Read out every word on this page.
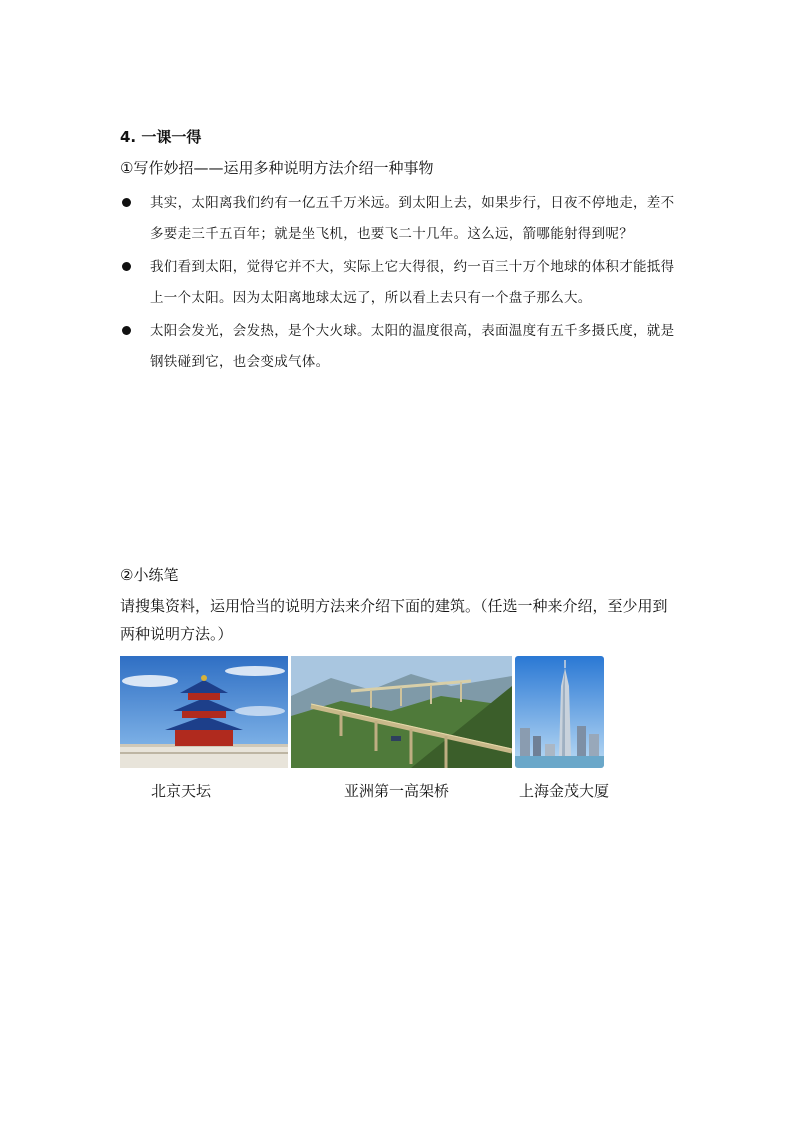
4. 一课一得
①写作妙招——运用多种说明方法介绍一种事物
其实，太阳离我们约有一亿五千万米远。到太阳上去，如果步行，日夜不停地走，差不多要走三千五百年；就是坐飞机，也要飞二十几年。这么远，箭哪能射得到呢？
我们看到太阳，觉得它并不大，实际上它大得很，约一百三十万个地球的体积才能抵得上一个太阳。因为太阳离地球太远了，所以看上去只有一个盘子那么大。
太阳会发光，会发热，是个大火球。太阳的温度很高，表面温度有五千多摄氏度，就是钢铁碰到它，也会变成气体。
②小练笔
请搜集资料，运用恰当的说明方法来介绍下面的建筑。（任选一种来介绍，至少用到两种说明方法。）
北京天坛	亚洲第一高架桥	上海金茂大厦
